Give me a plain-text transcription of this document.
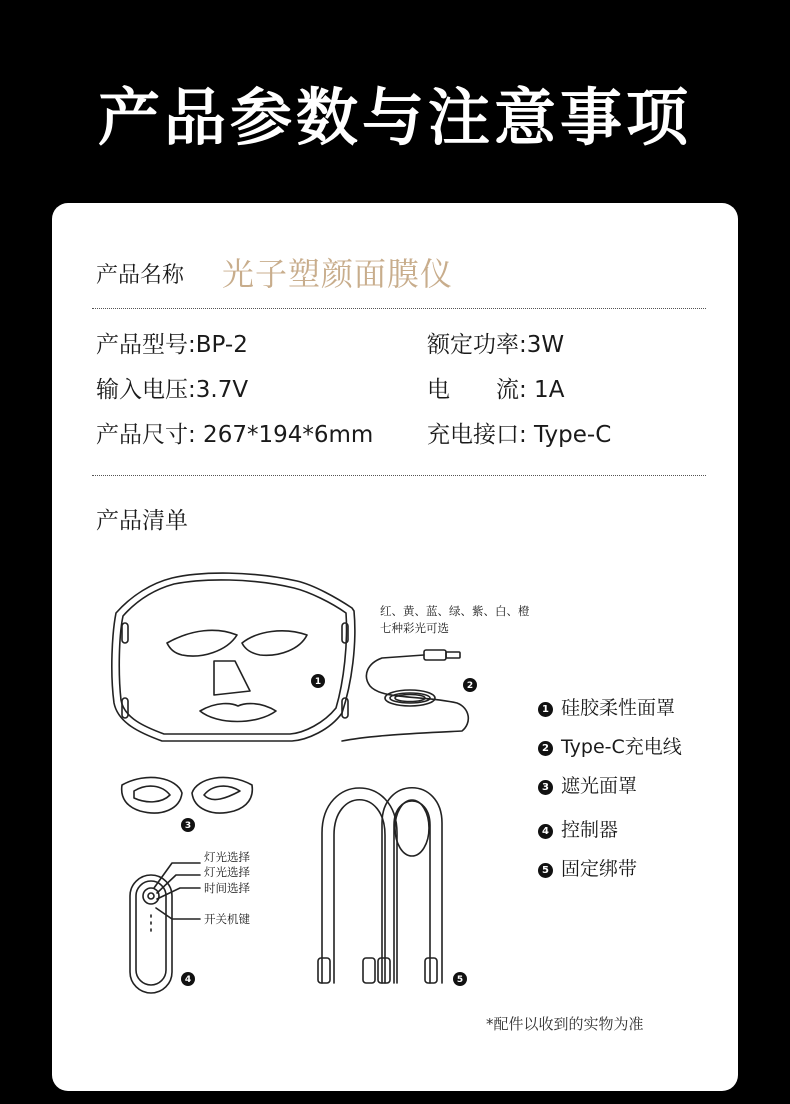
产品参数与注意事项
产品名称 光子塑颜面膜仪
产品型号:BP-2	额定功率:3W
输入电压:3.7V	电　　流: 1A
产品尺寸: 267*194*6mm 充电接口: Type-C
产品清单
1	2
3
4	5
红、黄、蓝、绿、紫、白、橙
七种彩光可选
灯光选择
灯光选择
时间选择
开关机键
1 硅胶柔性面罩
2 Type-C充电线
3 遮光面罩
4 控制器
5 固定绑带
*配件以收到的实物为准
